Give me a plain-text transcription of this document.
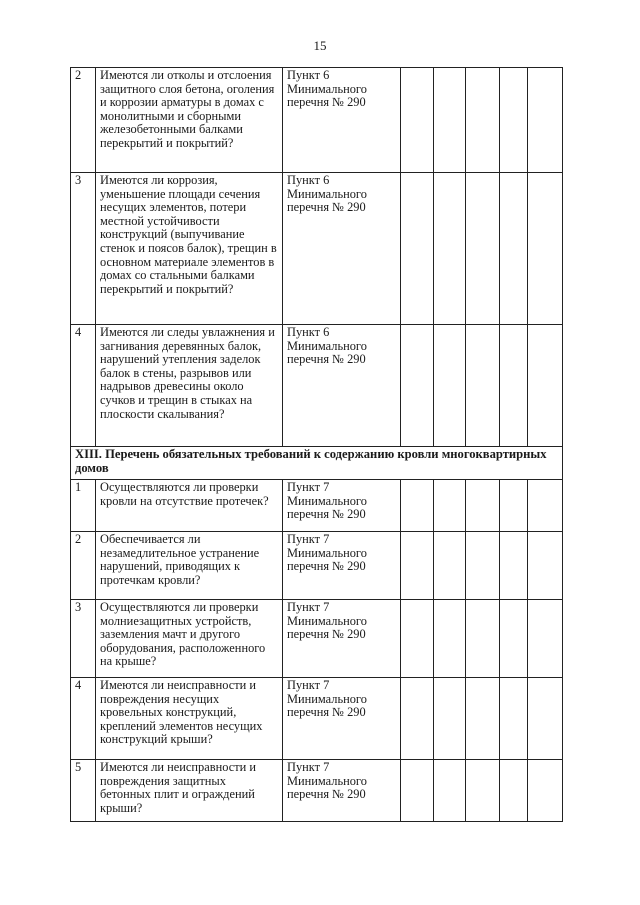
15
2	Имеются ли отколы и отслоения защитного слоя бетона, оголения и коррозии арматуры в домах с монолитными и сборными железобетонными балками перекрытий и покрытий?	Пункт 6 Минимального перечня № 290					
3	Имеются ли коррозия, уменьшение площади сечения несущих элементов, потери местной устойчивости конструкций (выпучивание стенок и поясов балок), трещин в основном материале элементов в домах со стальными балками перекрытий и покрытий?	Пункт 6 Минимального перечня № 290					
4	Имеются ли следы увлажнения и загнивания деревянных балок, нарушений утепления заделок балок в стены, разрывов или надрывов древесины около сучков и трещин в стыках на плоскости скалывания?	Пункт 6 Минимального перечня № 290					
XIII. Перечень обязательных требований к содержанию кровли многоквартирных домов							
1	Осуществляются ли проверки кровли на отсутствие протечек?	Пункт 7 Минимального перечня № 290					
2	Обеспечивается ли незамедлительное устранение нарушений, приводящих к протечкам кровли?	Пункт 7 Минимального перечня № 290					
3	Осуществляются ли проверки молниезащитных устройств, заземления мачт и другого оборудования, расположенного на крыше?	Пункт 7 Минимального перечня № 290					
4	Имеются ли неисправности и повреждения несущих кровельных конструкций, креплений элементов несущих конструкций крыши?	Пункт 7 Минимального перечня № 290					
5	Имеются ли неисправности и повреждения защитных бетонных плит и ограждений крыши?	Пункт 7 Минимального перечня № 290					
